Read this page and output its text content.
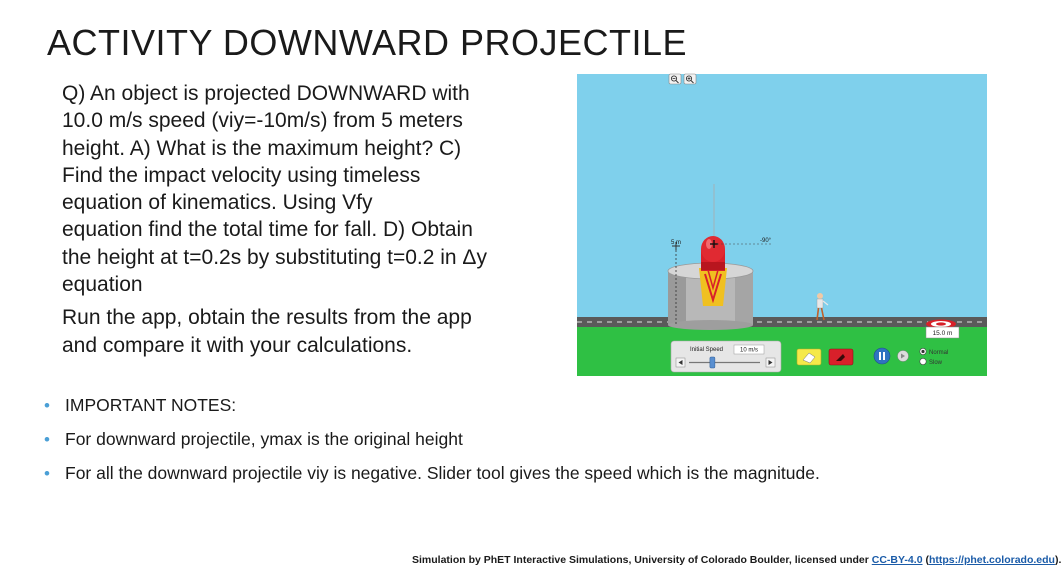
ACTIVITY DOWNWARD PROJECTILE

Q) An object is projected DOWNWARD with
10.0 m/s speed (viy=-10m/s) from 5 meters
height. A) What is the maximum height? C)
Find the impact velocity using timeless
equation of kinematics. Using Vfy
equation find the total time for fall. D) Obtain
the height at t=0.2s by substituting t=0.2 in Δy
equation

Run the app, obtain the results from the app
and compare it with your calculations.

5 m	-90°
15.0 m
Initial Speed	10 m/s	Normal
Slow
• IMPORTANT NOTES:
• For downward projectile, ymax is the original height
• For all the downward projectile viy is negative. Slider tool gives the speed which is the magnitude.
Simulation by PhET Interactive Simulations, University of Colorado Boulder, licensed under CC-BY-4.0 (https://phet.colorado.edu).
